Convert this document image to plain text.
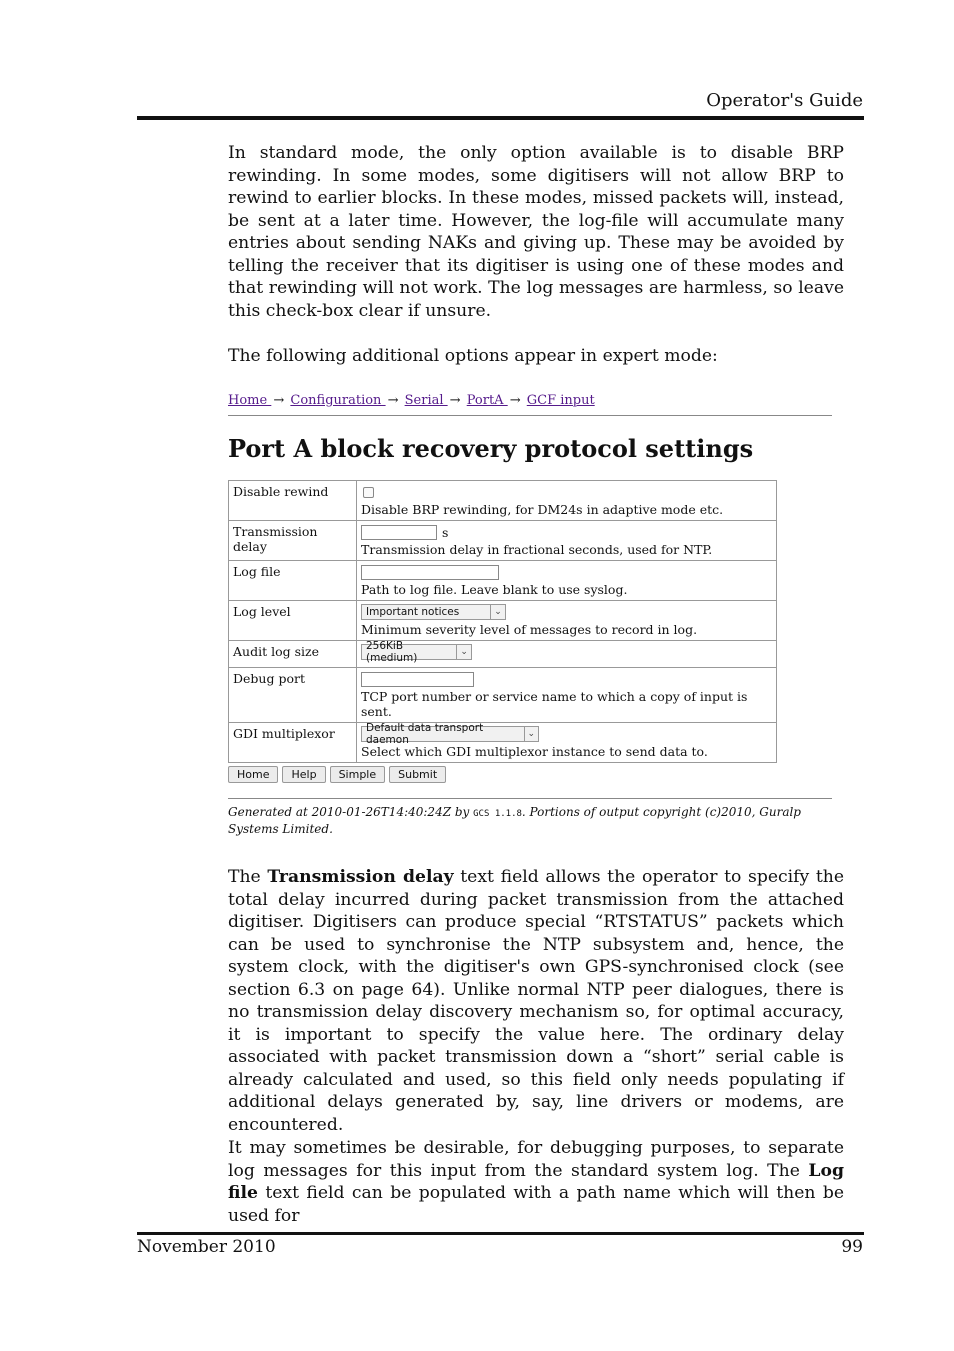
Operator's Guide

In standard mode, the only option available is to disable BRP rewinding. In some modes, some digitisers will not allow BRP to rewind to earlier blocks. In these modes, missed packets will, instead, be sent at a later time. However, the log-file will accumulate many entries about sending NAKs and giving up. These may be avoided by telling the receiver that its digitiser is using one of these modes and that rewinding will not work. The log messages are harmless, so leave this check-box clear if unsure.

The following additional options appear in expert mode:

Home → Configuration → Serial → PortA → GCF input
Port A block recovery protocol settings
Disable rewind	Disable BRP rewinding, for DM24s in adaptive mode etc.

Transmission delay	s
Transmission delay in fractional seconds, used for NTP.

Log file	Path to log file. Leave blank to use syslog.

Log level	Important notices ⌄
Minimum severity level of messages to record in log.

Audit log size	256KiB (medium) ⌄

Debug port	TCP port number or service name to which a copy of input is sent.

GDI multiplexor	Default data transport daemon ⌄
Select which GDI multiplexor instance to send data to.
Home	Help	Simple	Submit
Generated at 2010-01-26T14:40:24Z by GCS 1.1.8. Portions of output copyright (c)2010, Guralp Systems Limited.

The Transmission delay text field allows the operator to specify the total delay incurred during packet transmission from the attached digitiser. Digitisers can produce special “RTSTATUS” packets which can be used to synchronise the NTP subsystem and, hence, the system clock, with the digitiser's own GPS-synchronised clock (see section 6.3 on page 64). Unlike normal NTP peer dialogues, there is no transmission delay discovery mechanism so, for optimal accuracy, it is important to specify the value here. The ordinary delay associated with packet transmission down a “short” serial cable is already calculated and used, so this field only needs populating if additional delays generated by, say, line drivers or modems, are encountered.

It may sometimes be desirable, for debugging purposes, to separate log messages for this input from the standard system log. The Log file text field can be populated with a path name which will then be used for

November 2010	99
